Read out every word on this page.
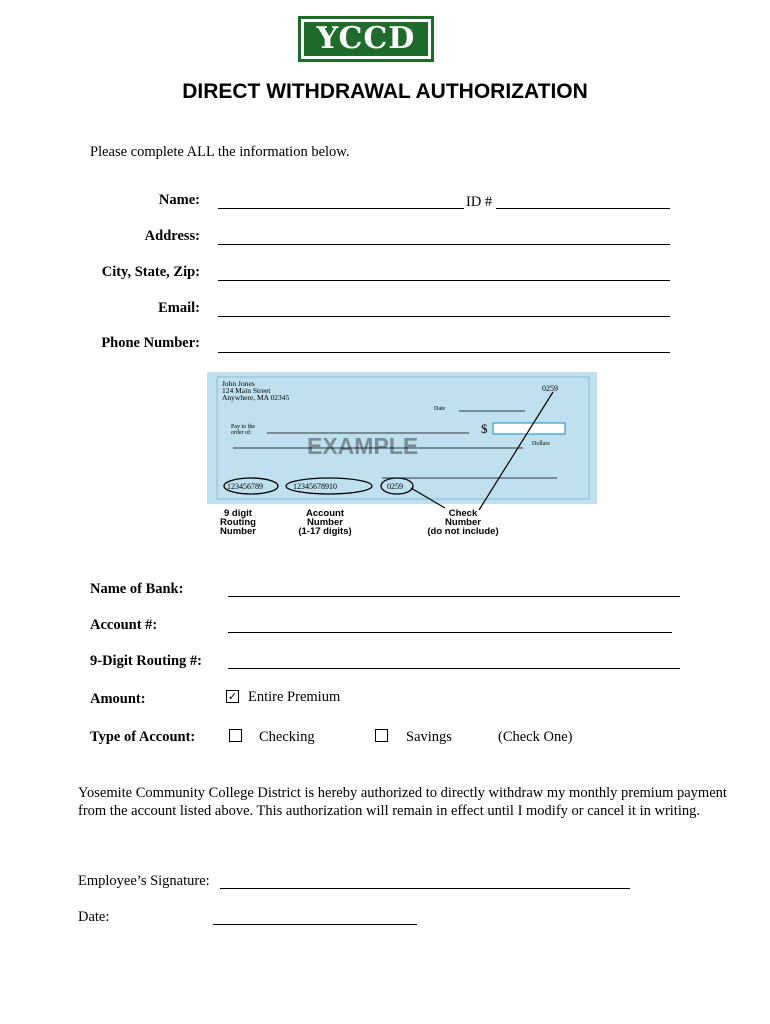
YCCD
DIRECT WITHDRAWAL AUTHORIZATION
Please complete ALL the information below.
Name:	ID #
Address:
City, State, Zip:
Email:
Phone Number:
John Jones
124 Main Street
Anywhere, MA 02345
0259
Date
Pay to the
order of:	$
EXAMPLE	Dollars
123456789	12345678910	0259
9 digit
Routing
Number
Account
Number
(1-17 digits)
Check
Number
(do not include)
Name of Bank:
Account #:
9-Digit Routing #:
Amount:	✓ Entire Premium
Type of Account:	Checking	Savings	(Check One)
Yosemite Community College District is hereby authorized to directly withdraw my monthly premium payment from the account listed above. This authorization will remain in effect until I modify or cancel it in writing.
Employee’s Signature:
Date:
